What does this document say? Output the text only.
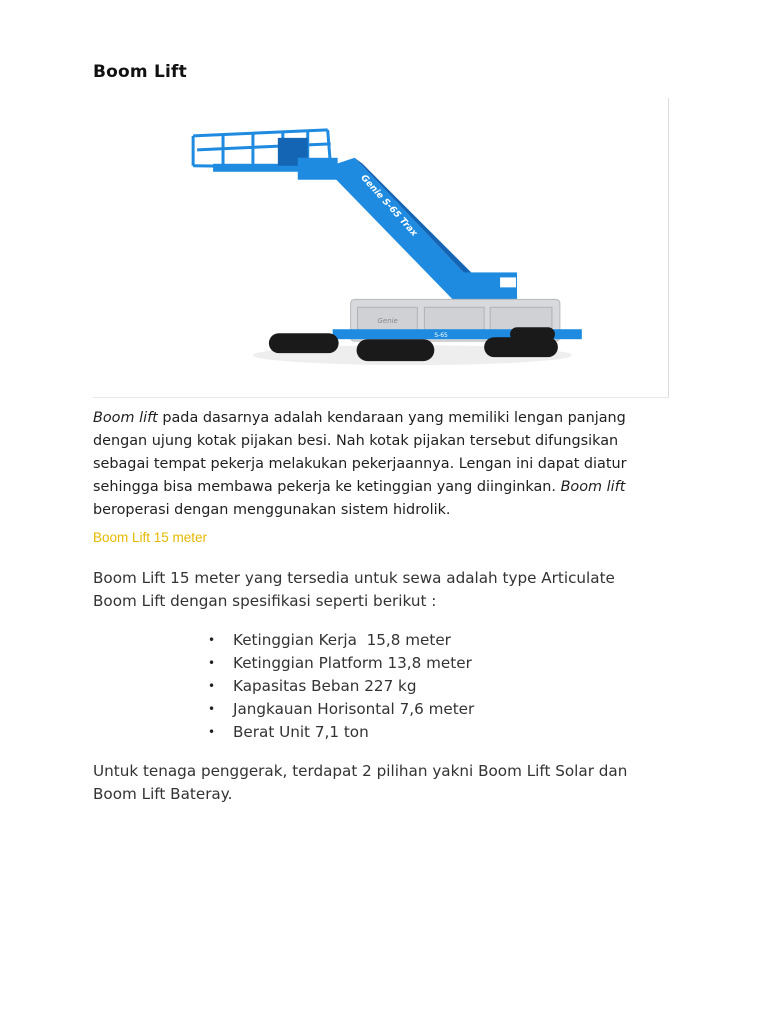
Boom Lift
Genie S-65 Trax
Genie
S-65

Boom lift pada dasarnya adalah kendaraan yang memiliki lengan panjang dengan ujung kotak pijakan besi. Nah kotak pijakan tersebut difungsikan sebagai tempat pekerja melakukan pekerjaannya. Lengan ini dapat diatur sehingga bisa membawa pekerja ke ketinggian yang diinginkan. Boom lift beroperasi dengan menggunakan sistem hidrolik.

Boom Lift 15 meter

Boom Lift 15 meter yang tersedia untuk sewa adalah type Articulate Boom Lift dengan spesifikasi seperti berikut :

• Ketinggian Kerja  15,8 meter
• Ketinggian Platform 13,8 meter
• Kapasitas Beban 227 kg
• Jangkauan Horisontal 7,6 meter
• Berat Unit 7,1 ton

Untuk tenaga penggerak, terdapat 2 pilihan yakni Boom Lift Solar dan Boom Lift Bateray.
